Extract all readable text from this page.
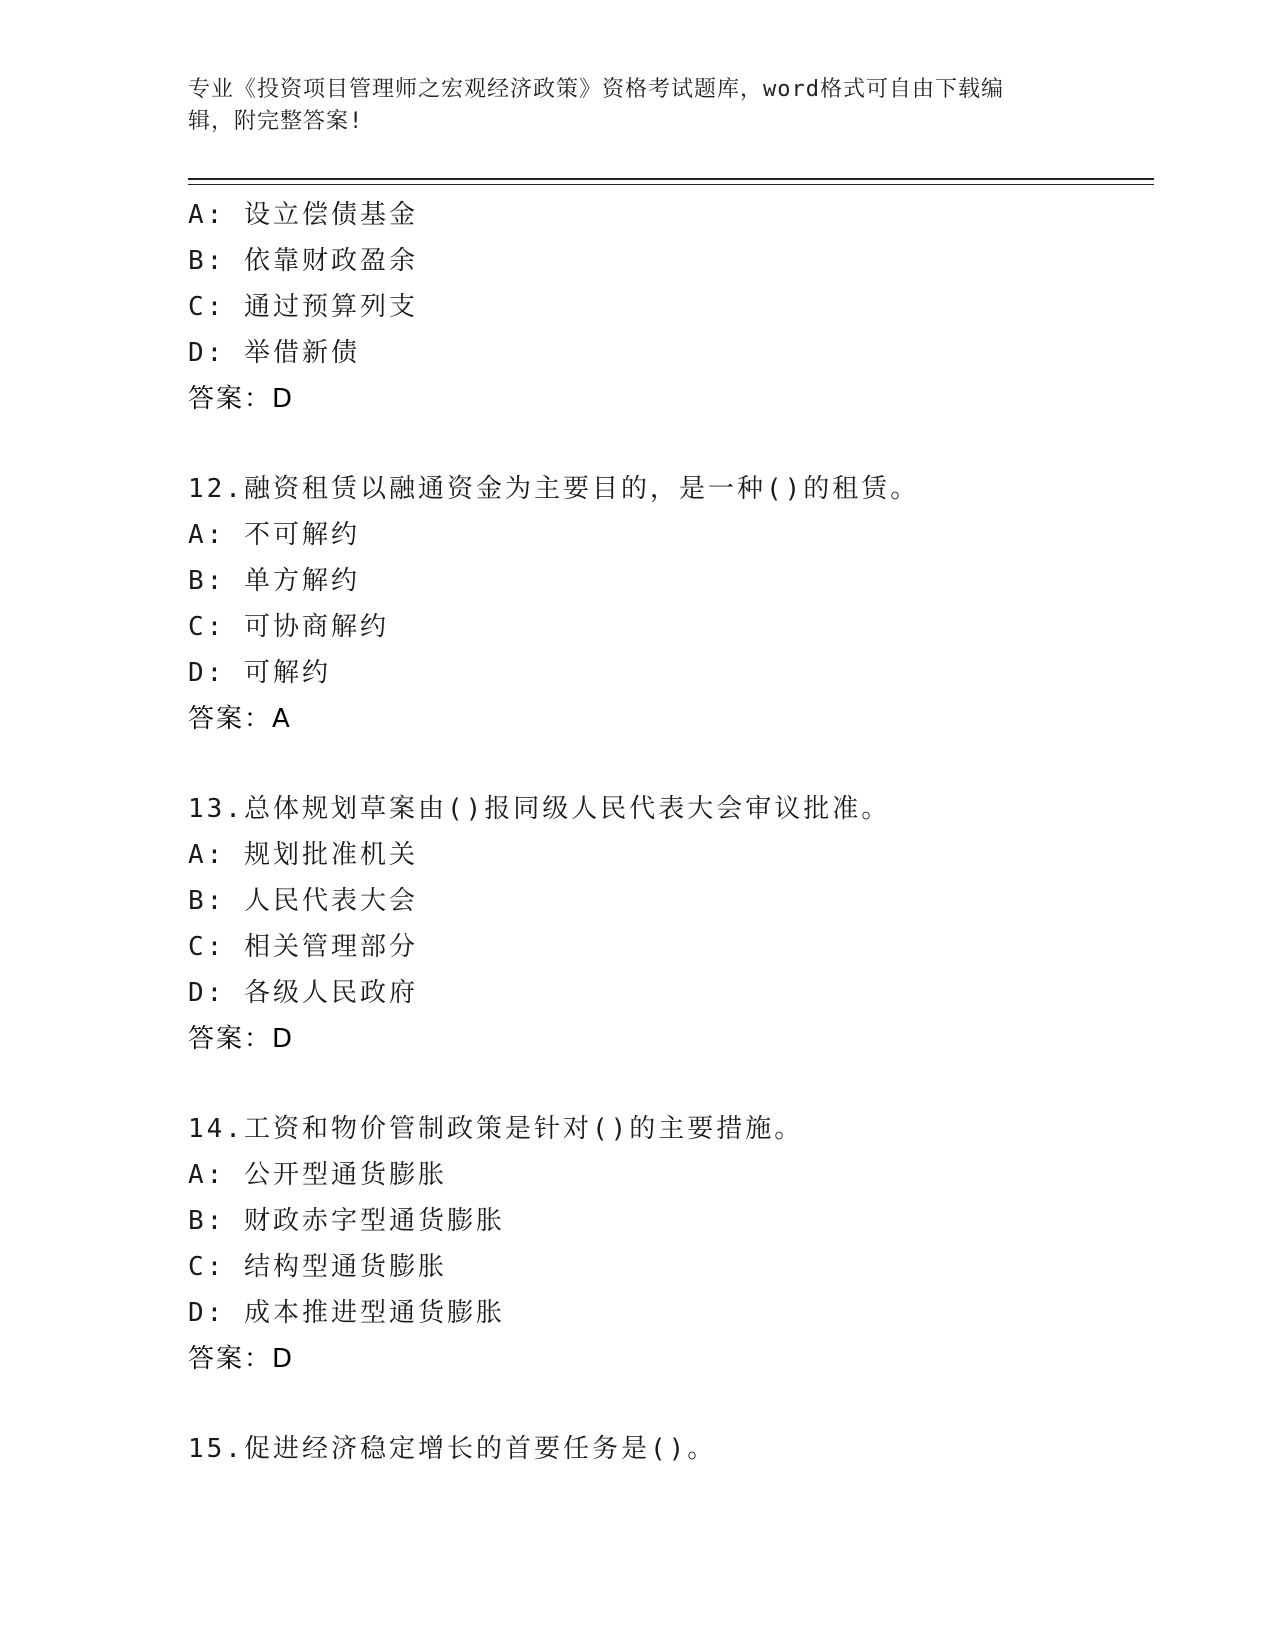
专业《投资项目管理师之宏观经济政策》资格考试题库，word格式可自由下载编
辑，附完整答案!
A: 设立偿债基金
B: 依靠财政盈余
C: 通过预算列支
D: 举借新债
答案：D
12.融资租赁以融通资金为主要目的，是一种()的租赁。
A: 不可解约
B: 单方解约
C: 可协商解约
D: 可解约
答案：A
13.总体规划草案由()报同级人民代表大会审议批准。
A: 规划批准机关
B: 人民代表大会
C: 相关管理部分
D: 各级人民政府
答案：D
14.工资和物价管制政策是针对()的主要措施。
A: 公开型通货膨胀
B: 财政赤字型通货膨胀
C: 结构型通货膨胀
D: 成本推进型通货膨胀
答案：D
15.促进经济稳定增长的首要任务是()。
